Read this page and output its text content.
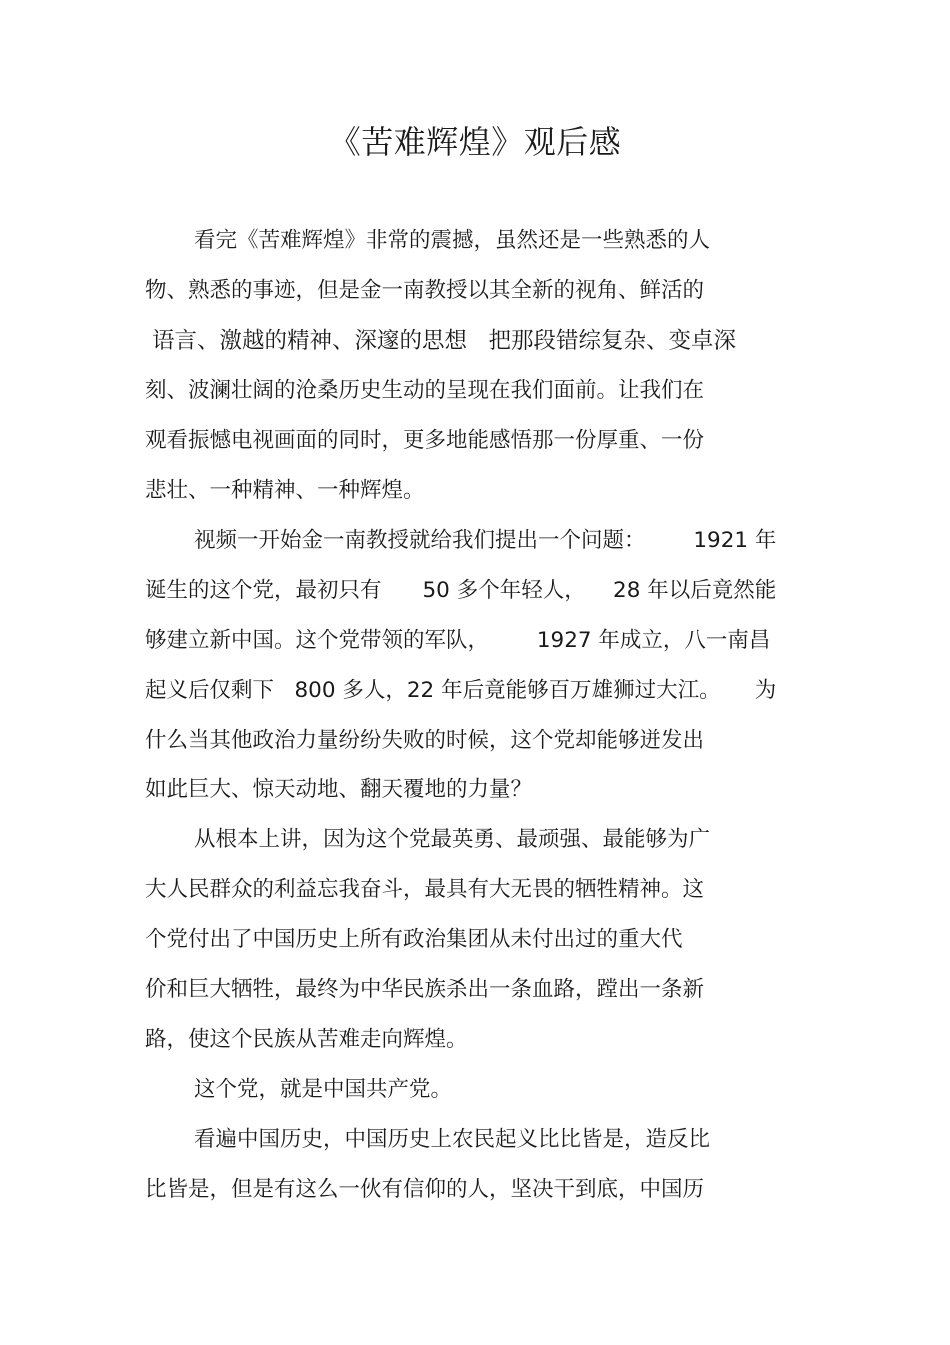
《苦难辉煌》观后感

看完《苦难辉煌》非常的震撼，虽然还是一些熟悉的人

物、熟悉的事迹，但是金一南教授以其全新的视角、鲜活的

语言、激越的精神、深邃的思想   把那段错综复杂、变卓深

刻、波澜壮阔的沧桑历史生动的呈现在我们面前。让我们在

观看振憾电视画面的同时，更多地能感悟那一份厚重、一份

悲壮、一种精神、一种辉煌。

视频一开始金一南教授就给我们提出一个问题：       1921 年

诞生的这个党，最初只有      50 多个年轻人，    28 年以后竟然能

够建立新中国。这个党带领的军队，       1927 年成立，八一南昌

起义后仅剩下   800 多人，22 年后竟能够百万雄狮过大江。     为

什么当其他政治力量纷纷失败的时候，这个党却能够迸发出

如此巨大、惊天动地、翻天覆地的力量？

从根本上讲，因为这个党最英勇、最顽强、最能够为广

大人民群众的利益忘我奋斗，最具有大无畏的牺牲精神。这

个党付出了中国历史上所有政治集团从未付出过的重大代

价和巨大牺牲，最终为中华民族杀出一条血路，蹚出一条新

路，使这个民族从苦难走向辉煌。

这个党，就是中国共产党。

看遍中国历史，中国历史上农民起义比比皆是，造反比

比皆是，但是有这么一伙有信仰的人，坚决干到底，中国历
